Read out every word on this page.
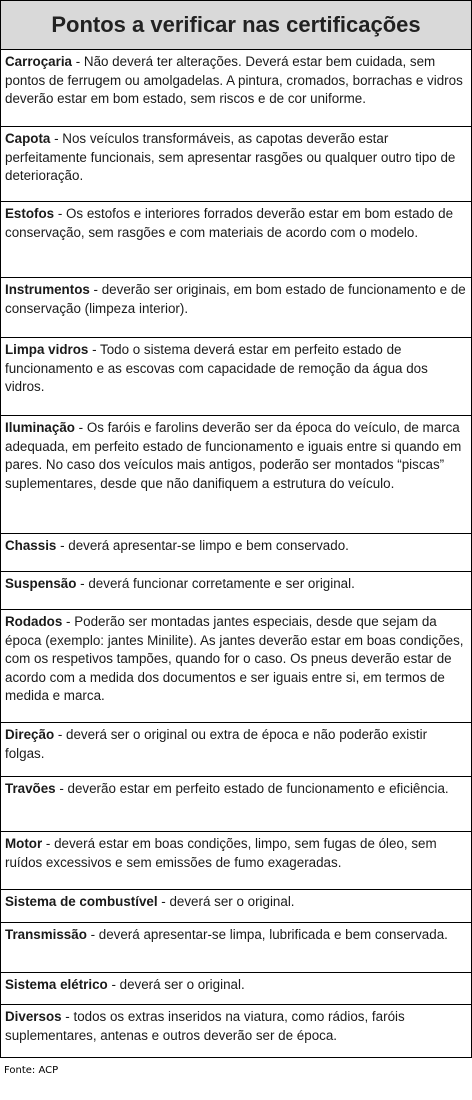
Pontos a verificar nas certificações
Carroçaria - Não deverá ter alterações. Deverá estar bem cuidada, sem pontos de ferrugem ou amolgadelas. A pintura, cromados, borrachas e vidros deverão estar em bom estado, sem riscos e de cor uniforme.
Capota - Nos veículos transformáveis, as capotas deverão estar perfeitamente funcionais, sem apresentar rasgões ou qualquer outro tipo de deterioração.
Estofos - Os estofos e interiores forrados deverão estar em bom estado de conservação, sem rasgões e com materiais de acordo com o modelo.
Instrumentos - deverão ser originais, em bom estado de funcionamento e de conservação (limpeza interior).
Limpa vidros - Todo o sistema deverá estar em perfeito estado de funcionamento e as escovas com capacidade de remoção da água dos vidros.
Iluminação - Os faróis e farolins deverão ser da época do veículo, de marca adequada, em perfeito estado de funcionamento e iguais entre si quando em pares. No caso dos veículos mais antigos, poderão ser montados “piscas” suplementares, desde que não danifiquem a estrutura do veículo.
Chassis - deverá apresentar-se limpo e bem conservado.
Suspensão - deverá funcionar corretamente e ser original.
Rodados - Poderão ser montadas jantes especiais, desde que sejam da época (exemplo: jantes Minilite). As jantes deverão estar em boas condições, com os respetivos tampões, quando for o caso. Os pneus deverão estar de acordo com a medida dos documentos e ser iguais entre si, em termos de medida e marca.
Direção - deverá ser o original ou extra de época e não poderão existir folgas.
Travões - deverão estar em perfeito estado de funcionamento e eficiência.
Motor - deverá estar em boas condições, limpo, sem fugas de óleo, sem ruídos excessivos e sem emissões de fumo exageradas.
Sistema de combustível - deverá ser o original.
Transmissão - deverá apresentar-se limpa, lubrificada e bem conservada.
Sistema elétrico - deverá ser o original.
Diversos - todos os extras inseridos na viatura, como rádios, faróis suplementares, antenas e outros deverão ser de época.
Fonte: ACP
